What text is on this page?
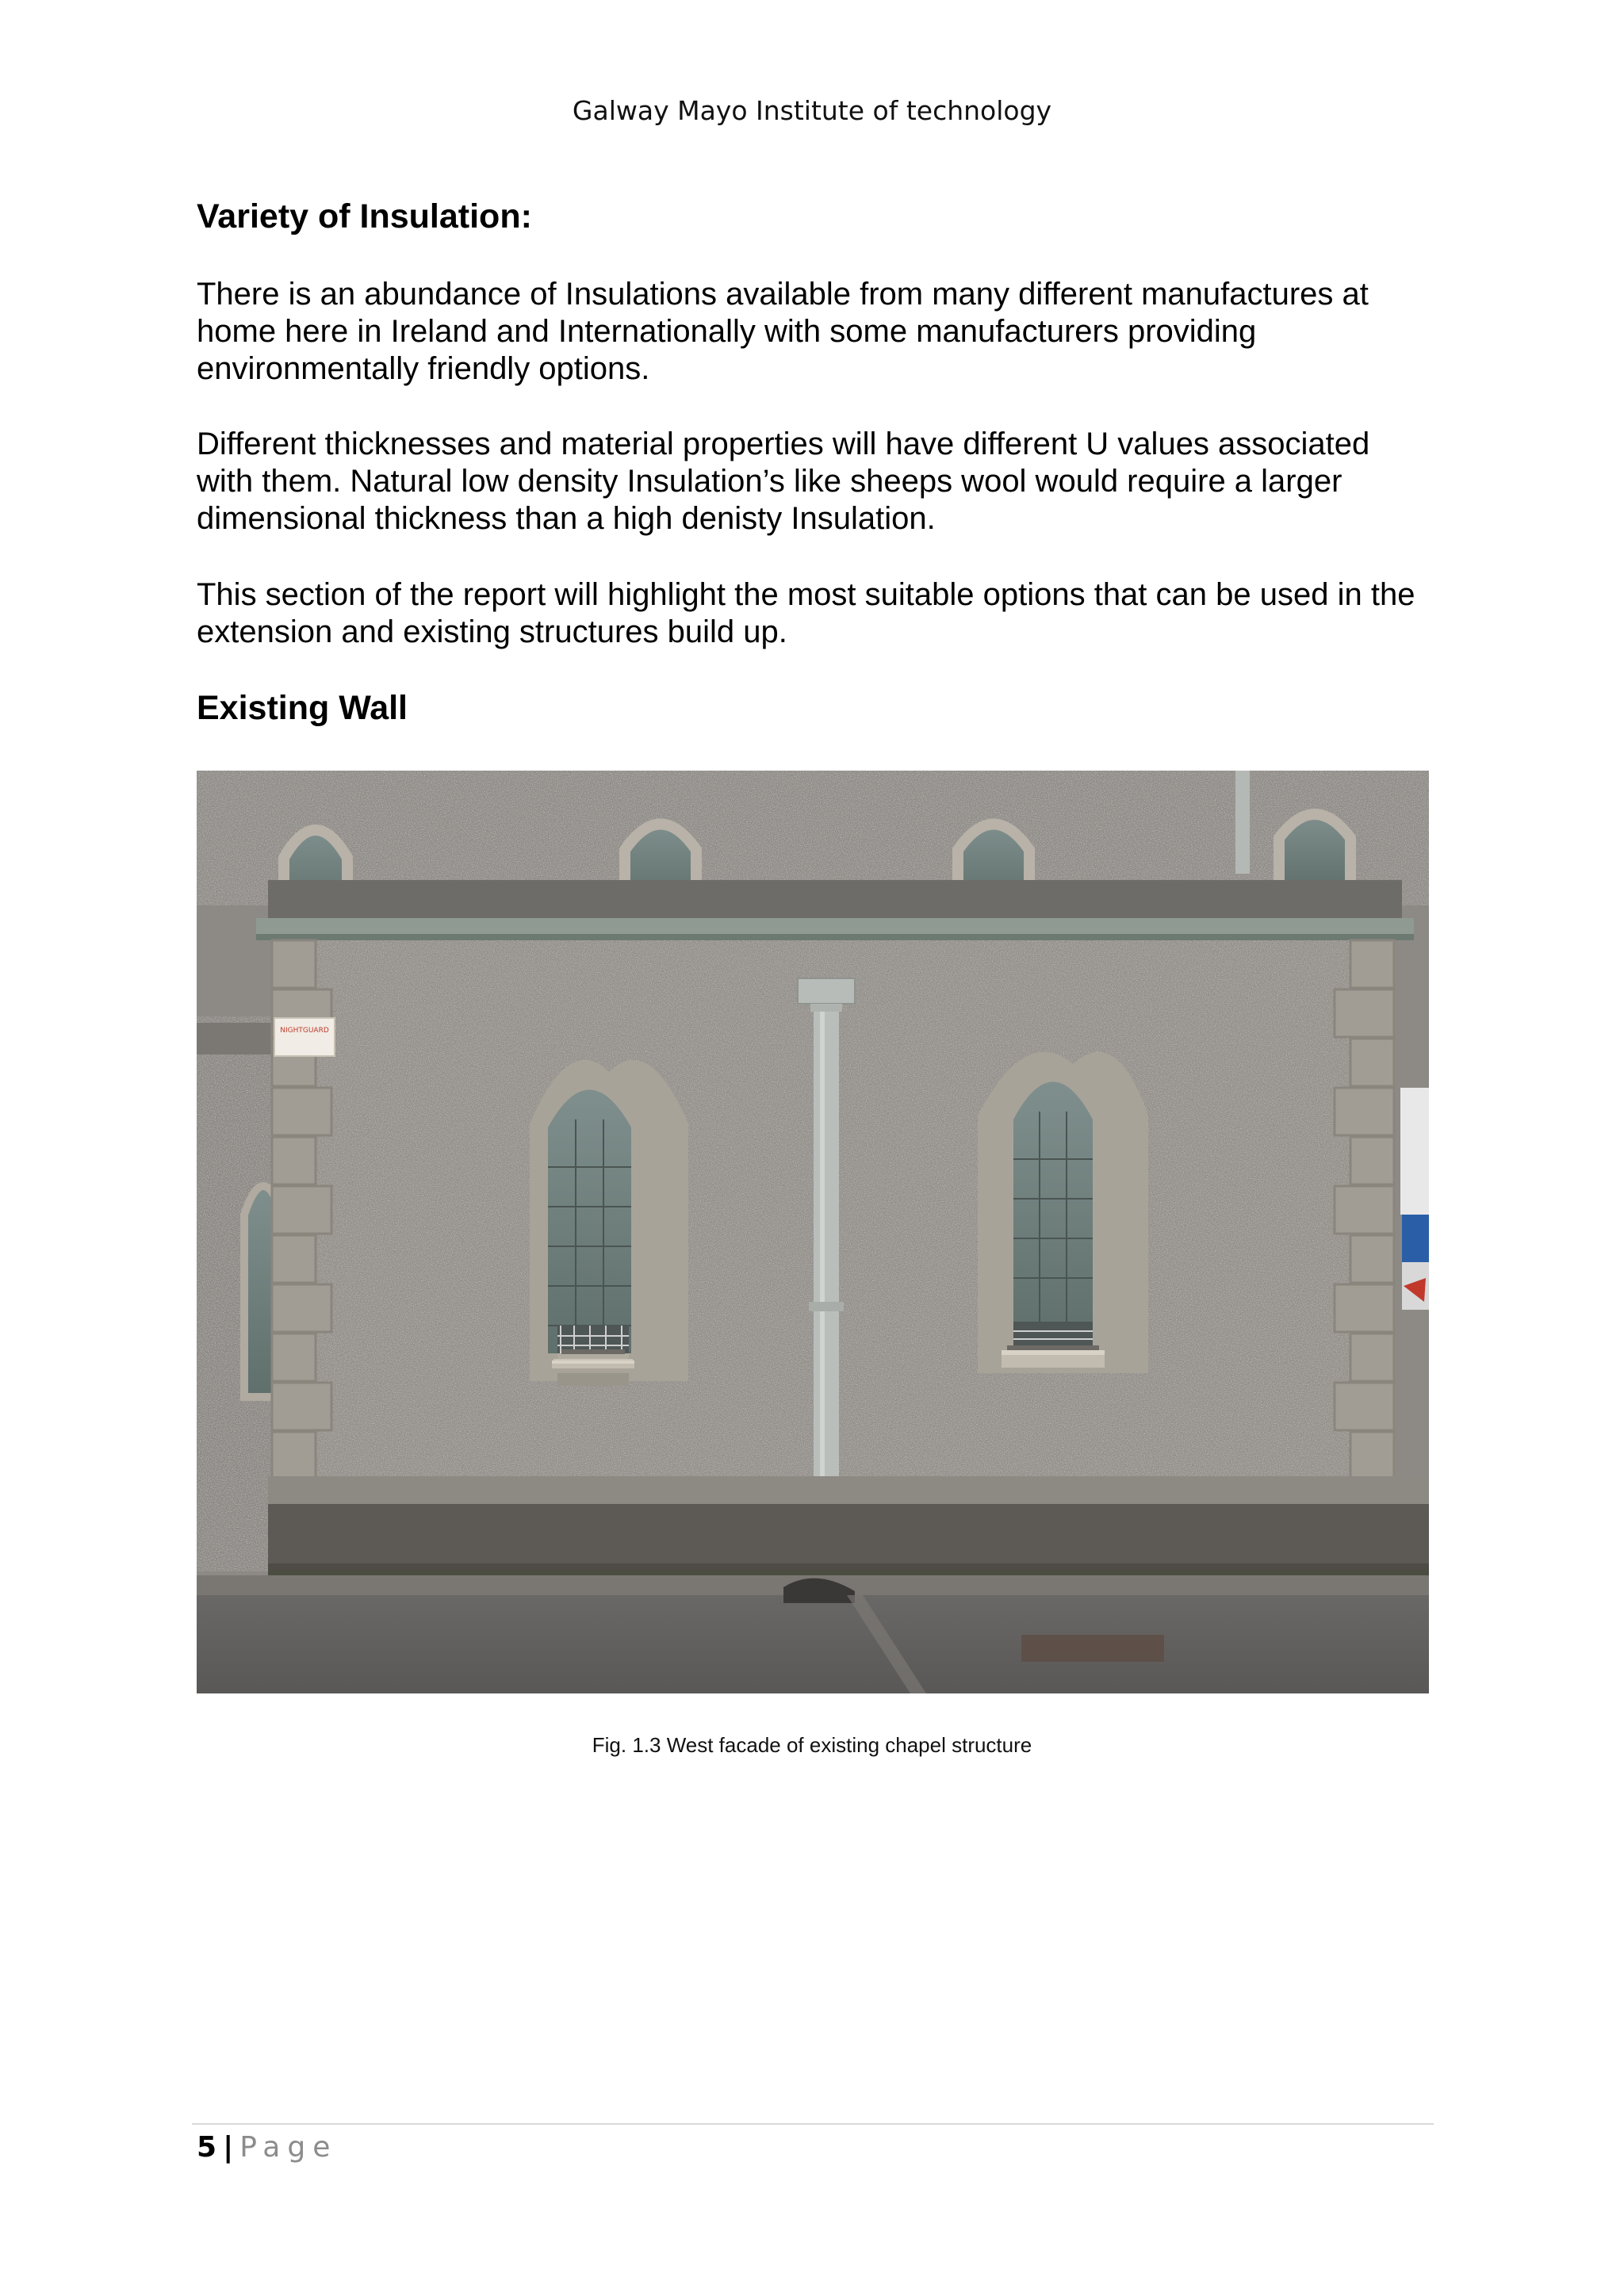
Galway Mayo Institute of technology
Variety of Insulation:

There is an abundance of Insulations available from many different manufactures at home here in Ireland and Internationally with some manufacturers providing environmentally friendly options.

Different thicknesses and material properties will have different U values associated with them. Natural low density Insulation’s like sheeps wool would require a larger dimensional thickness than a high denisty Insulation.

This section of the report will highlight the most suitable options that can be used in the extension and existing structures build up.

Existing Wall
NIGHTGUARD
Fig. 1.3 West facade of existing chapel structure
5 | Page
